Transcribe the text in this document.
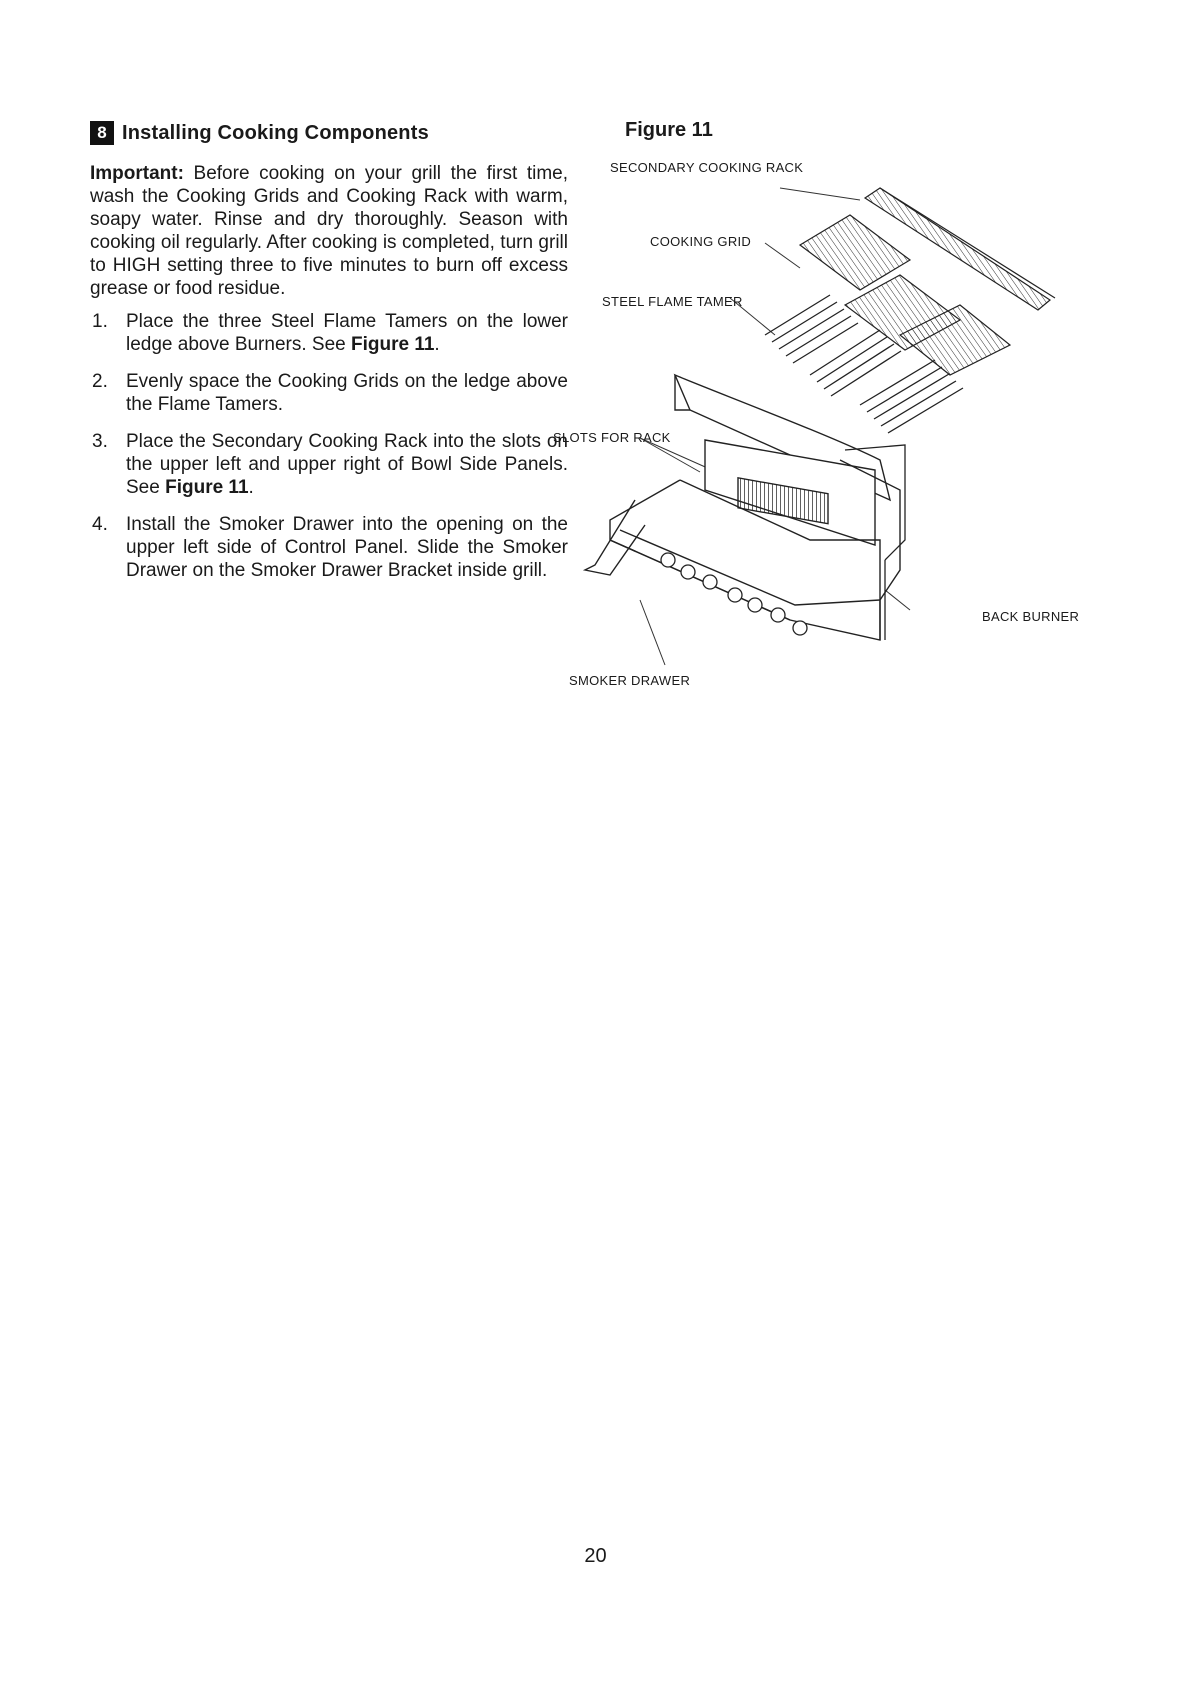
8 Installing Cooking Components

Important: Before cooking on your grill the first time, wash the Cooking Grids and Cooking Rack with warm, soapy water. Rinse and dry thoroughly. Season with cooking oil regularly. After cooking is completed, turn grill to HIGH setting three to five minutes to burn off excess grease or food residue.

1. Place the three Steel Flame Tamers on the lower ledge above Burners. See Figure 11.
2. Evenly space the Cooking Grids on the ledge above the Flame Tamers.
3. Place the Secondary Cooking Rack into the slots on the upper left and upper right of Bowl Side Panels. See Figure 11.
4. Install the Smoker Drawer into the opening on the upper left side of Control Panel. Slide the Smoker Drawer on the Smoker Drawer Bracket inside grill.
Figure 11
SECONDARY COOKING RACK
COOKING GRID
STEEL FLAME TAMER
SLOTS FOR RACK
BACK BURNER
SMOKER DRAWER
20
